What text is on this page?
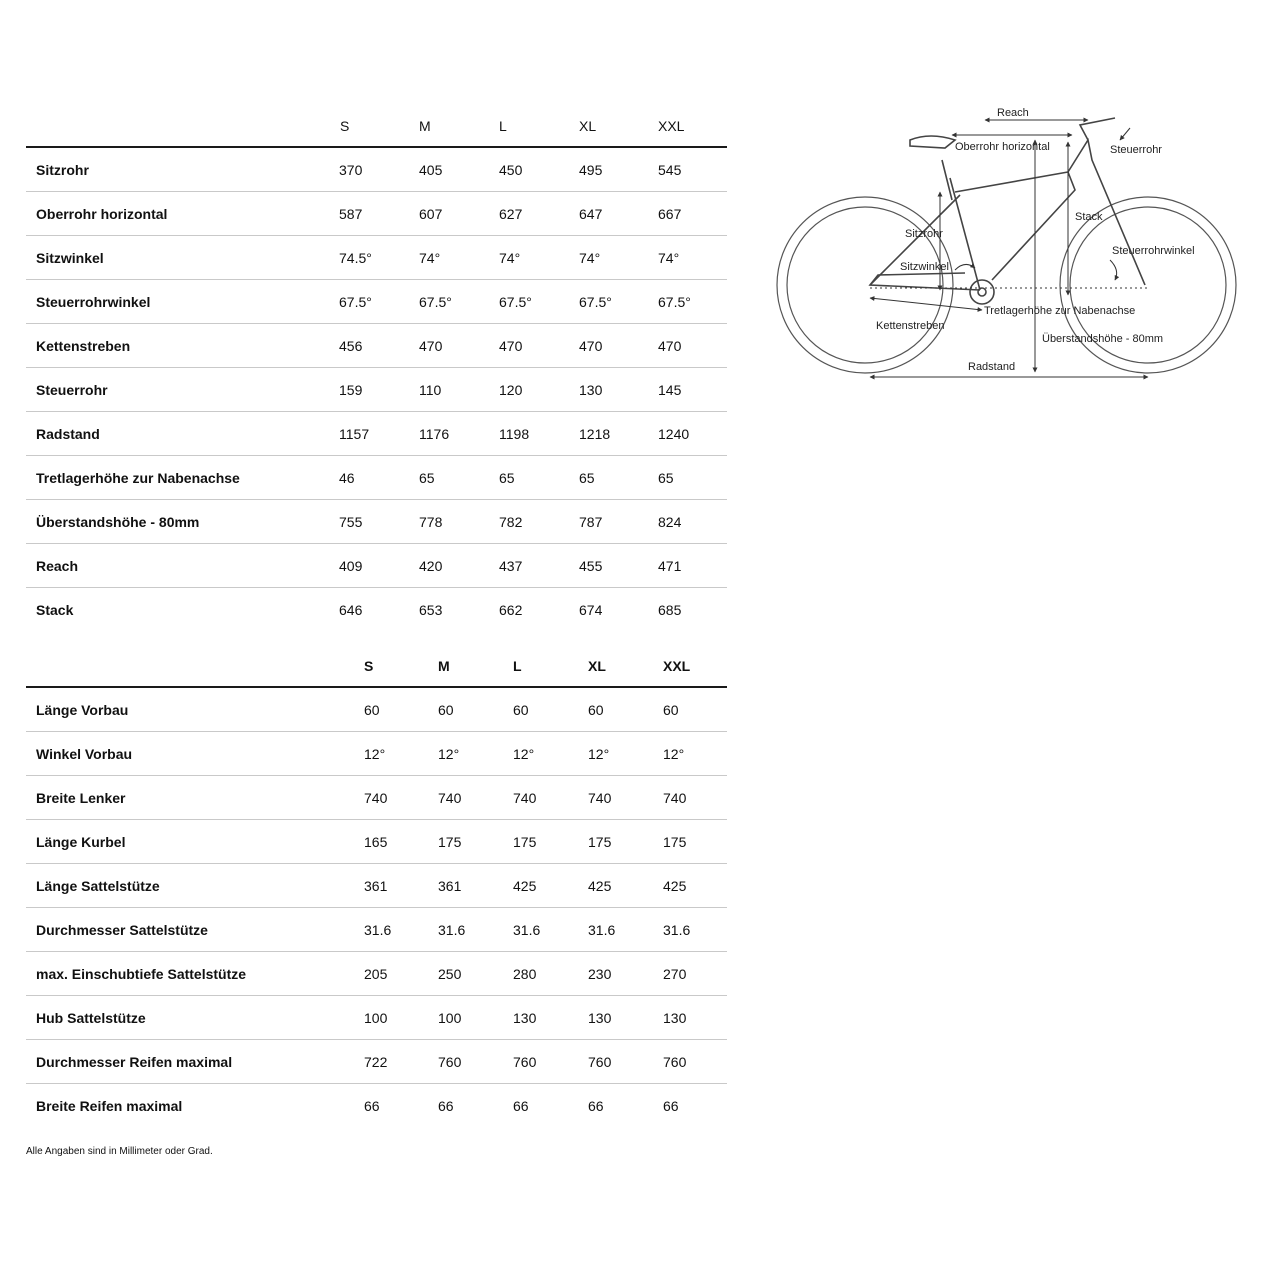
S	M	L	XL	XXL
Sitzrohr	370	405	450	495	545
Oberrohr horizontal	587	607	627	647	667
Sitzwinkel	74.5°	74°	74°	74°	74°
Steuerrohrwinkel	67.5°	67.5°	67.5°	67.5°	67.5°
Kettenstreben	456	470	470	470	470
Steuerrohr	159	110	120	130	145
Radstand	1157	1176	1198	1218	1240
Tretlagerhöhe zur Nabenachse	46	65	65	65	65
Überstandshöhe - 80mm	755	778	782	787	824
Reach	409	420	437	455	471
Stack	646	653	662	674	685
S	M	L	XL	XXL
Länge Vorbau	60	60	60	60	60
Winkel Vorbau	12°	12°	12°	12°	12°
Breite Lenker	740	740	740	740	740
Länge Kurbel	165	175	175	175	175
Länge Sattelstütze	361	361	425	425	425
Durchmesser Sattelstütze	31.6	31.6	31.6	31.6	31.6
max. Einschubtiefe Sattelstütze	205	250	280	230	270
Hub Sattelstütze	100	100	130	130	130
Durchmesser Reifen maximal	722	760	760	760	760
Breite Reifen maximal	66	66	66	66	66
Alle Angaben sind in Millimeter oder Grad.
Reach
Oberrohr horizontal	Steuerrohr
Stack
Sitzrohr
Steuerrohrwinkel
Sitzwinkel
Tretlagerhöhe zur Nabenachse
Kettenstreben
Überstandshöhe - 80mm
Radstand
